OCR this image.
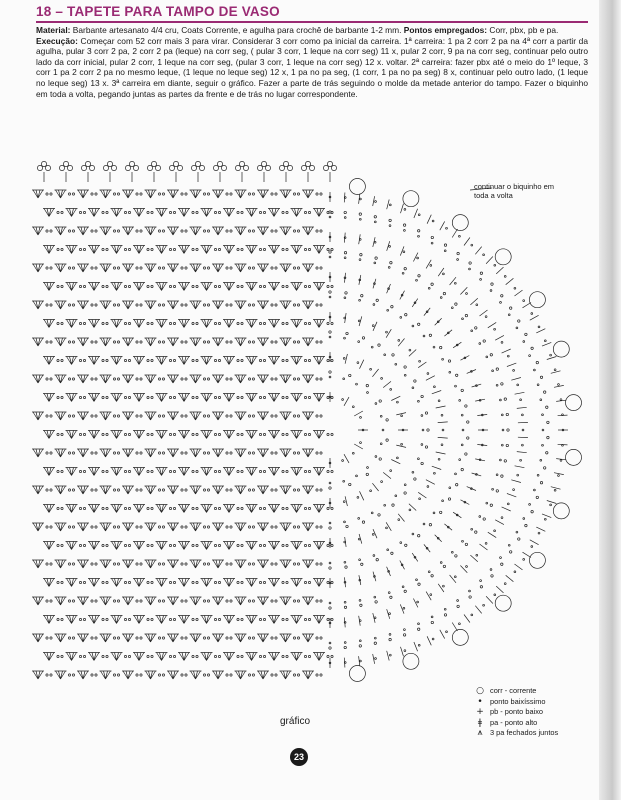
18 – TAPETE PARA TAMPO DE VASO
Material: Barbante artesanato 4/4 cru, Coats Corrente, e agulha para crochê de barbante 1-2 mm. Pontos empregados: Corr, pbx, pb e pa.
Execução: Começar com 52 corr mais 3 para virar. Considerar 3 corr como pa inicial da carreira. 1ª carreira: 1 pa 2 corr 2 pa na 4ª corr a partir da agulha, pular 3 corr 2 pa, 2 corr 2 pa (leque) na corr seg, ( pular 3 corr, 1 leque na corr seg) 11 x, pular 2 corr, 9 pa na corr seg, continuar pelo outro lado da corr inicial, pular 2 corr, 1 leque na corr seg, (pular 3 corr, 1 leque na corr seg) 12 x. voltar. 2ª carreira: fazer pbx até o meio do 1º leque, 3 corr 1 pa 2 corr 2 pa no mesmo leque, (1 leque no leque seg) 12 x, 1 pa no pa seg, (1 corr, 1 pa no pa seg) 8 x, continuar pelo outro lado, (1 leque no leque seg) 13 x. 3ª carreira em diante, seguir o gráfico. Fazer a parte de trás seguindo o molde da metade anterior do tampo. Fazer o biquinho em toda a volta, pegando juntas as partes da frente e de trás no lugar correspondente.
continuar o biquinho em toda a volta
○ corr - corrente
• ponto baixíssimo
+ pb - ponto baixo
ǂ	pa - ponto alto
⩚	3 pa fechados juntos
gráfico
23
